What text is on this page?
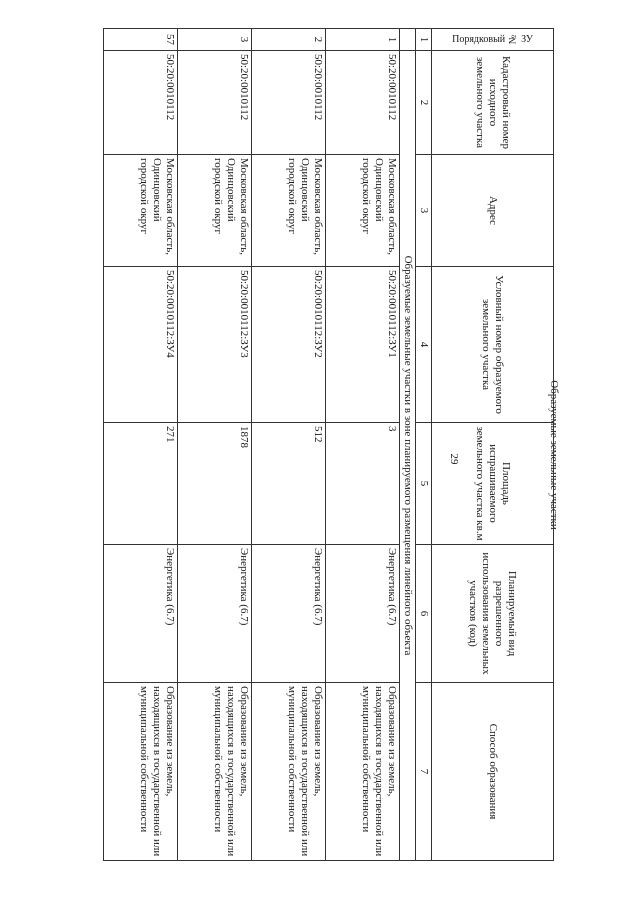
29	Образуемые земельные участки
Порядковый № ЗУ	Кадастровый номер исходного земельного участка	Адрес	Условный номер образуемого земельного участка	Площадь испрашиваемого земельного участка кв.м	Планируемый вид разрешенного использования земельных участков (код)	Способ образования
1	2	3	4	5	6	7
	Образуемые земельные участки в зоне планируемого размещения линейного объекта					
1	50:20:0010112	Московская область, Одинцовский городской округ	50:20:0010112:ЗУ1	3	Энергетика (6.7)	Образование из земель, находящихся в государственной или муниципальной собственности
2	50:20:0010112	Московская область, Одинцовский городской округ	50:20:0010112:ЗУ2	512	Энергетика (6.7)	Образование из земель, находящихся в государственной или муниципальной собственности
3	50:20:0010112	Московская область, Одинцовский городской округ	50:20:0010112:ЗУ3	1878	Энергетика (6.7)	Образование из земель, находящихся в государственной или муниципальной собственности
57	50:20:0010112	Московская область, Одинцовский городской округ	50:20:0010112:ЗУ4	271	Энергетика (6.7)	Образование из земель, находящихся в государственной или муниципальной собственности
